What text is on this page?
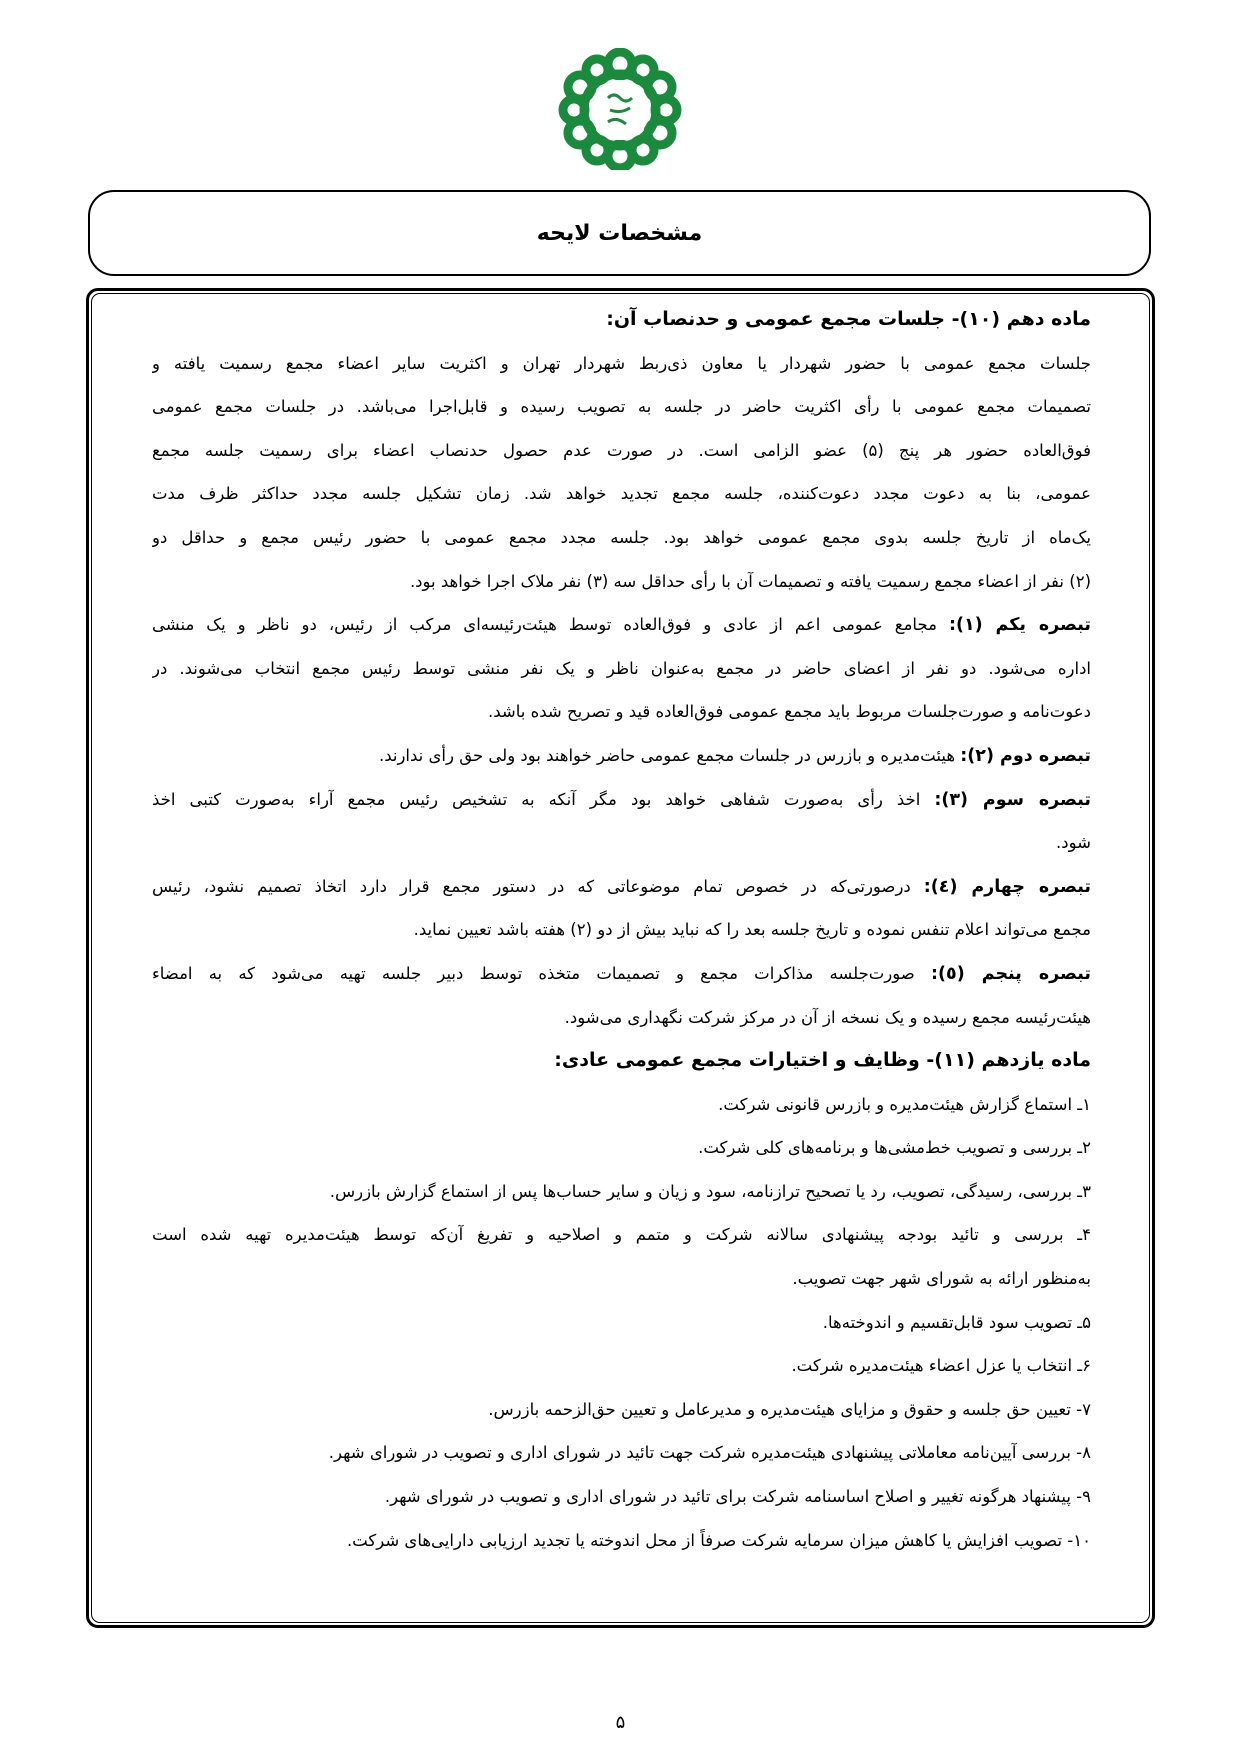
مشخصات لایحه
ماده دهم (۱۰)- جلسات مجمع عمومی و حدنصاب آن:
جلسات مجمع عمومی با حضور شهردار یا معاون ذی‌ربط شهردار تهران و اکثریت سایر اعضاء مجمع رسمیت یافته و
تصمیمات مجمع عمومی با رأی اکثریت حاضر در جلسه به تصویب رسیده و قابل‌اجرا می‌باشد. در جلسات مجمع عمومی
فوق‌العاده حضور هر پنج (۵) عضو الزامی است. در صورت عدم حصول حدنصاب اعضاء برای رسمیت جلسه مجمع
عمومی، بنا به دعوت مجدد دعوت‌کننده، جلسه مجمع تجدید خواهد شد. زمان تشکیل جلسه مجدد حداکثر ظرف مدت
یک‌ماه از تاریخ جلسه بدوی مجمع عمومی خواهد بود. جلسه مجدد مجمع عمومی با حضور رئیس مجمع و حداقل دو
(۲) نفر از اعضاء مجمع رسمیت یافته و تصمیمات آن با رأی حداقل سه (۳) نفر ملاک اجرا خواهد بود.
تبصره یکم (۱): مجامع عمومی اعم از عادی و فوق‌العاده توسط هیئت‌رئیسه‌ای مرکب از رئیس، دو ناظر و یک منشی
اداره می‌شود. دو نفر از اعضای حاضر در مجمع به‌عنوان ناظر و یک نفر منشی توسط رئیس مجمع انتخاب می‌شوند. در
دعوت‌نامه و صورت‌جلسات مربوط باید مجمع عمومی فوق‌العاده قید و تصریح شده باشد.
تبصره دوم (۲): هیئت‌مدیره و بازرس در جلسات مجمع عمومی حاضر خواهند بود ولی حق رأی ندارند.
تبصره سوم (۳): اخذ رأی به‌صورت شفاهی خواهد بود مگر آنکه به تشخیص رئیس مجمع آراء به‌صورت کتبی اخذ
شود.
تبصره چهارم (٤): درصورتی‌که در خصوص تمام موضوعاتی که در دستور مجمع قرار دارد اتخاذ تصمیم نشود، رئیس
مجمع می‌تواند اعلام تنفس نموده و تاریخ جلسه بعد را که نباید بیش از دو (۲) هفته باشد تعیین نماید.
تبصره پنجم (٥): صورت‌جلسه مذاکرات مجمع و تصمیمات متخذه توسط دبیر جلسه تهیه می‌شود که به امضاء
هیئت‌رئیسه مجمع رسیده و یک نسخه از آن در مرکز شرکت نگهداری می‌شود.
ماده یازدهم (۱۱)- وظایف و اختیارات مجمع عمومی عادی:
۱ـ استماع گزارش هیئت‌مدیره و بازرس قانونی شرکت.
۲ـ بررسی و تصویب خط‌مشی‌ها و برنامه‌های کلی شرکت.
۳ـ بررسی، رسیدگی، تصویب، رد یا تصحیح ترازنامه، سود و زیان و سایر حساب‌ها پس از استماع گزارش بازرس.
۴ـ بررسی و تائید بودجه پیشنهادی سالانه شرکت و متمم و اصلاحیه و تفریغ آن‌که توسط هیئت‌مدیره تهیه شده است
به‌منظور ارائه به شورای شهر جهت تصویب.
۵ـ تصویب سود قابل‌تقسیم و اندوخته‌ها.
۶ـ انتخاب یا عزل اعضاء هیئت‌مدیره شرکت.
۷- تعیین حق جلسه و حقوق و مزایای هیئت‌مدیره و مدیرعامل و تعیین حق‌الزحمه بازرس.
۸- بررسی آیین‌نامه معاملاتی پیشنهادی هیئت‌مدیره شرکت جهت تائید در شورای اداری و تصویب در شورای شهر.
۹- پیشنهاد هرگونه تغییر و اصلاح اساسنامه شرکت برای تائید در شورای اداری و تصویب در شورای شهر.
۱۰- تصویب افزایش یا کاهش میزان سرمایه شرکت صرفاً از محل اندوخته یا تجدید ارزیابی دارایی‌های شرکت.
۵
